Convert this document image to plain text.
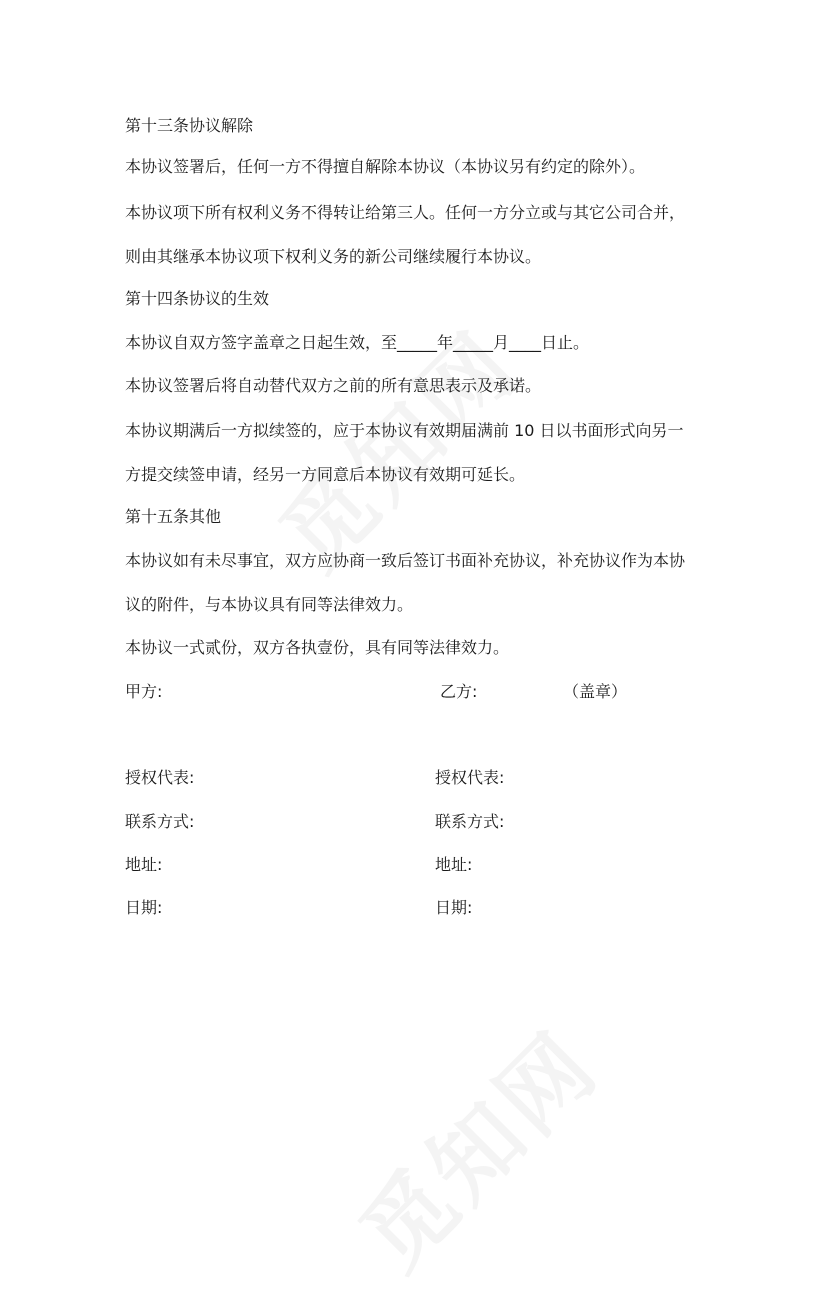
第十三条协议解除
本协议签署后，任何一方不得擅自解除本协议（本协议另有约定的除外）。
本协议项下所有权利义务不得转让给第三人。任何一方分立或与其它公司合并，
则由其继承本协议项下权利义务的新公司继续履行本协议。
第十四条协议的生效
本协议自双方签字盖章之日起生效，至_____年_____月____日止。
本协议签署后将自动替代双方之前的所有意思表示及承诺。
本协议期满后一方拟续签的，应于本协议有效期届满前 10 日以书面形式向另一
方提交续签申请，经另一方同意后本协议有效期可延长。
第十五条其他
本协议如有未尽事宜，双方应协商一致后签订书面补充协议，补充协议作为本协
议的附件，与本协议具有同等法律效力。
本协议一式贰份，双方各执壹份，具有同等法律效力。
甲方:	乙方:	（盖章）
授权代表:	授权代表:
联系方式:	联系方式:
地址:	地址:
日期:	日期:
